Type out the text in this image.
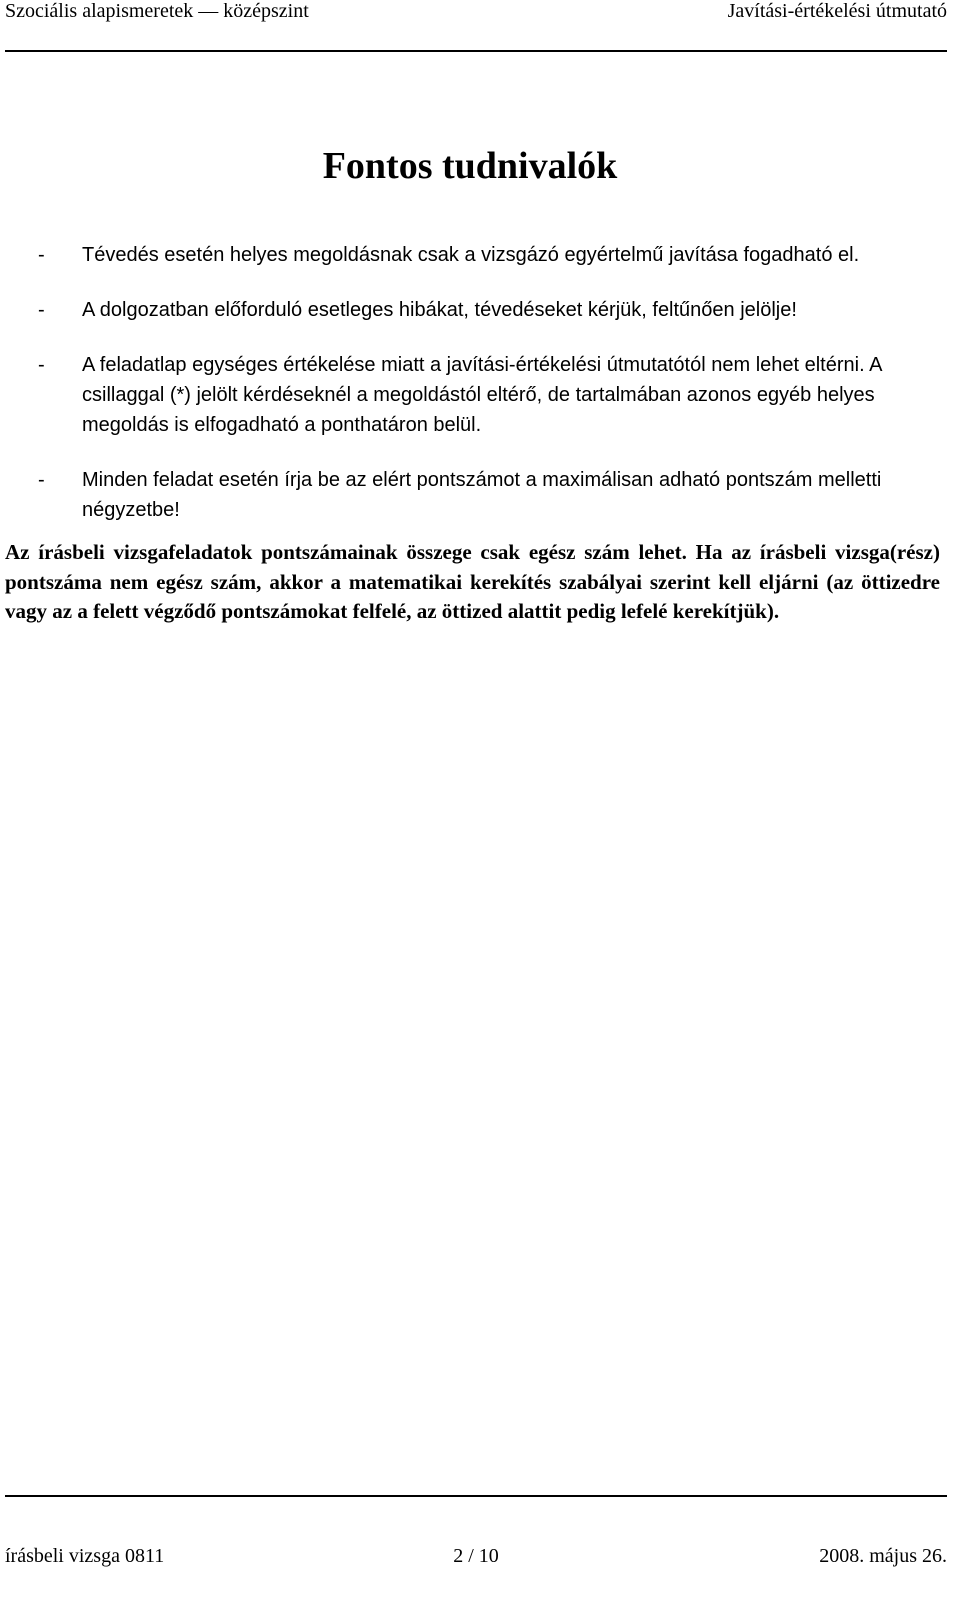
Szociális alapismeretek — középszint	Javítási-értékelési útmutató
Fontos tudnivalók
- Tévedés esetén helyes megoldásnak csak a vizsgázó egyértelmű javítása fogadható el.
- A dolgozatban előforduló esetleges hibákat, tévedéseket kérjük, feltűnően jelölje!
- A feladatlap egységes értékelése miatt a javítási-értékelési útmutatótól nem lehet eltérni. A csillaggal (*) jelölt kérdéseknél a megoldástól eltérő, de tartalmában azonos egyéb helyes megoldás is elfogadható a ponthatáron belül.
- Minden feladat esetén írja be az elért pontszámot a maximálisan adható pontszám melletti négyzetbe!

Az írásbeli vizsgafeladatok pontszámainak összege csak egész szám lehet. Ha az írásbeli vizsga(rész) pontszáma nem egész szám, akkor a matematikai kerekítés szabályai szerint kell eljárni (az öttizedre vagy az a felett végződő pontszámokat felfelé, az öttized alattit pedig lefelé kerekítjük).

írásbeli vizsga 0811	2 / 10	2008. május 26.
